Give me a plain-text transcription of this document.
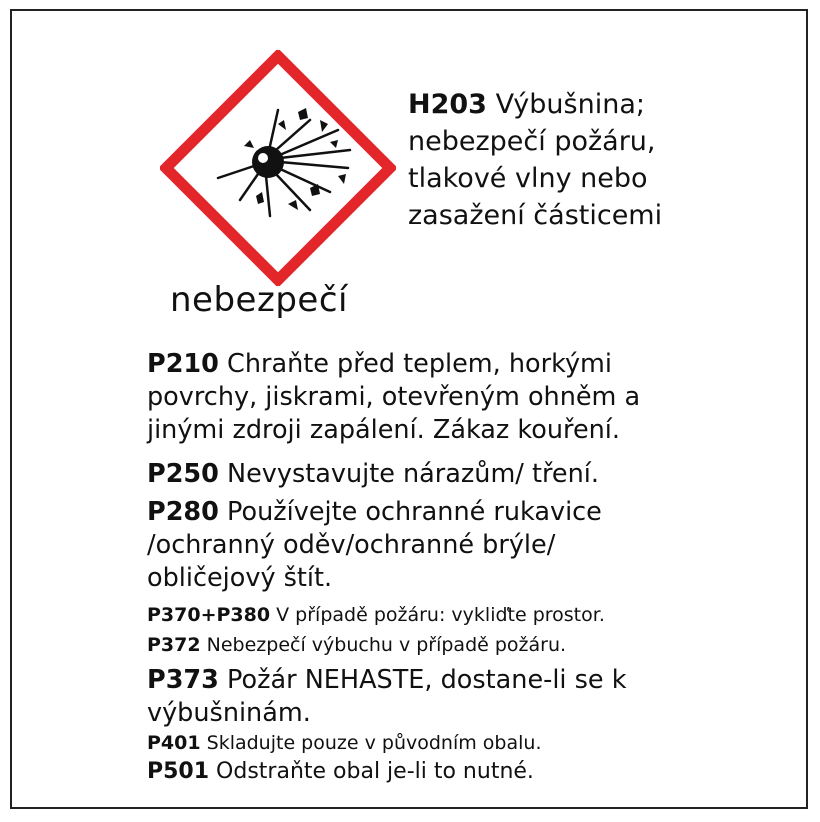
nebezpečí
H203 Výbušnina; nebezpečí požáru, tlakové vlny nebo zasažení částicemi
P210 Chraňte před teplem, horkými povrchy, jiskrami, otevřeným ohněm a jinými zdroji zapálení. Zákaz kouření.
P250 Nevystavujte nárazům/ tření.
P280 Používejte ochranné rukavice /ochranný oděv/ochranné brýle/ obličejový štít.
P370+P380 V případě požáru: vykliďte prostor.
P372 Nebezpečí výbuchu v případě požáru.
P373 Požár NEHASTE, dostane-li se k výbušninám.
P401 Skladujte pouze v původním obalu.
P501 Odstraňte obal je-li to nutné.
